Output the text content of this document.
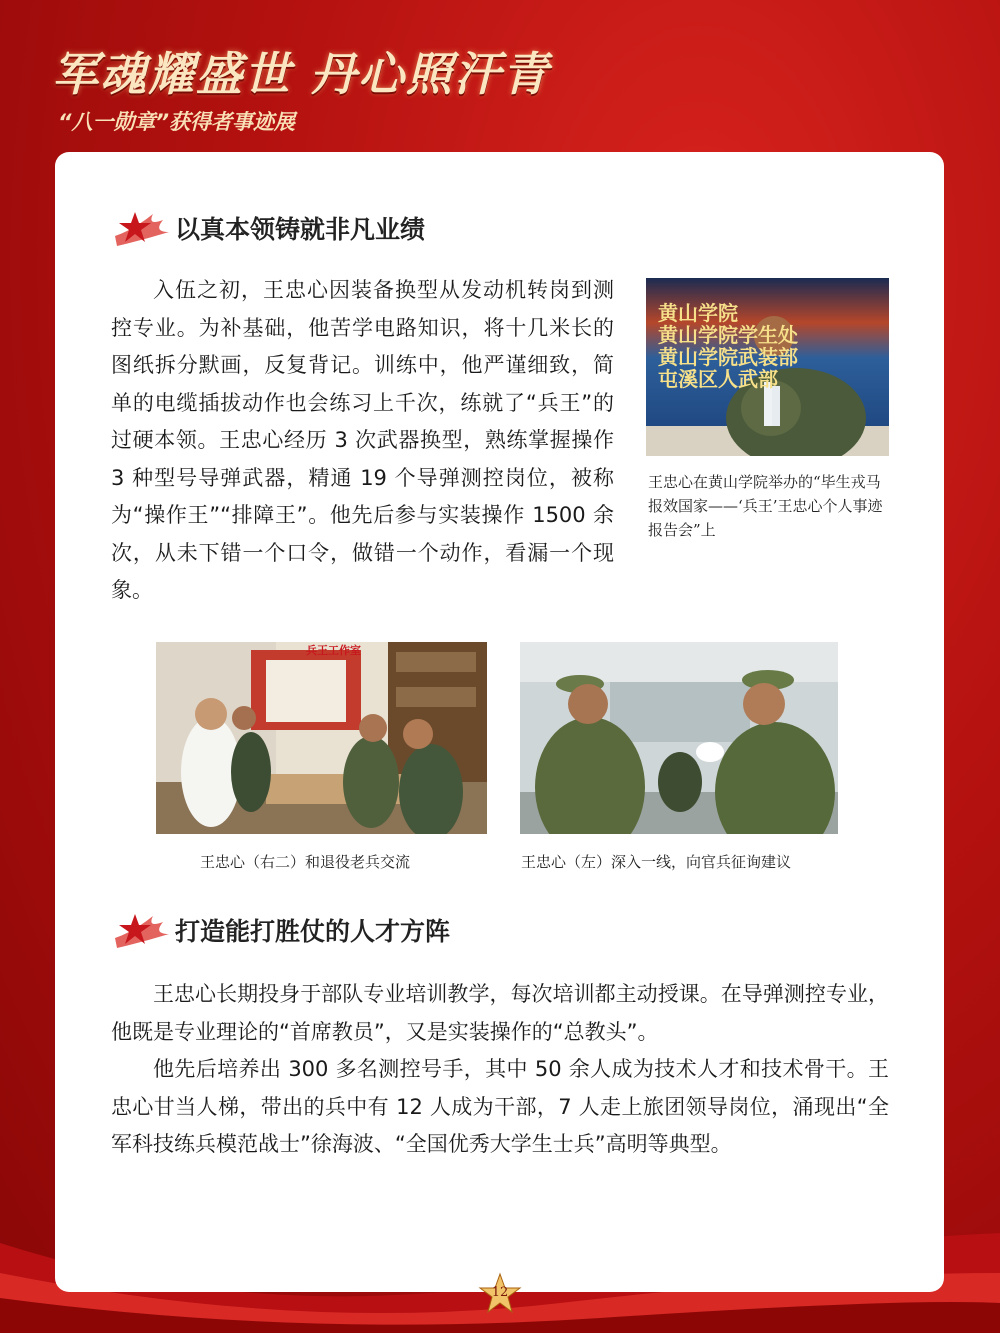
军魂耀盛世 丹心照汗青
“八一勋章”获得者事迹展
以真本领铸就非凡业绩

入伍之初，王忠心因装备换型从发动机转岗到测控专业。为补基础，他苦学电路知识，将十几米长的图纸拆分默画，反复背记。训练中，他严谨细致，简单的电缆插拔动作也会练习上千次，练就了“兵王”的过硬本领。王忠心经历 3 次武器换型，熟练掌握操作 3 种型号导弹武器，精通 19 个导弹测控岗位，被称为“操作王”“排障王”。他先后参与实装操作 1500 余次，从未下错一个口令，做错一个动作，看漏一个现象。

黄山学院
黄山学院学生处
黄山学院武装部
屯溪区人武部

王忠心在黄山学院举办的“毕生戎马 报效国家——‘兵王’王忠心个人事迹报告会”上

兵王工作室

王忠心（右二）和退役老兵交流	王忠心（左）深入一线，向官兵征询建议

打造能打胜仗的人才方阵

王忠心长期投身于部队专业培训教学，每次培训都主动授课。在导弹测控专业，他既是专业理论的“首席教员”，又是实装操作的“总教头”。

他先后培养出 300 多名测控号手，其中 50 余人成为技术人才和技术骨干。王忠心甘当人梯，带出的兵中有 12 人成为干部，7 人走上旅团领导岗位，涌现出“全军科技练兵模范战士”徐海波、“全国优秀大学生士兵”高明等典型。

12
